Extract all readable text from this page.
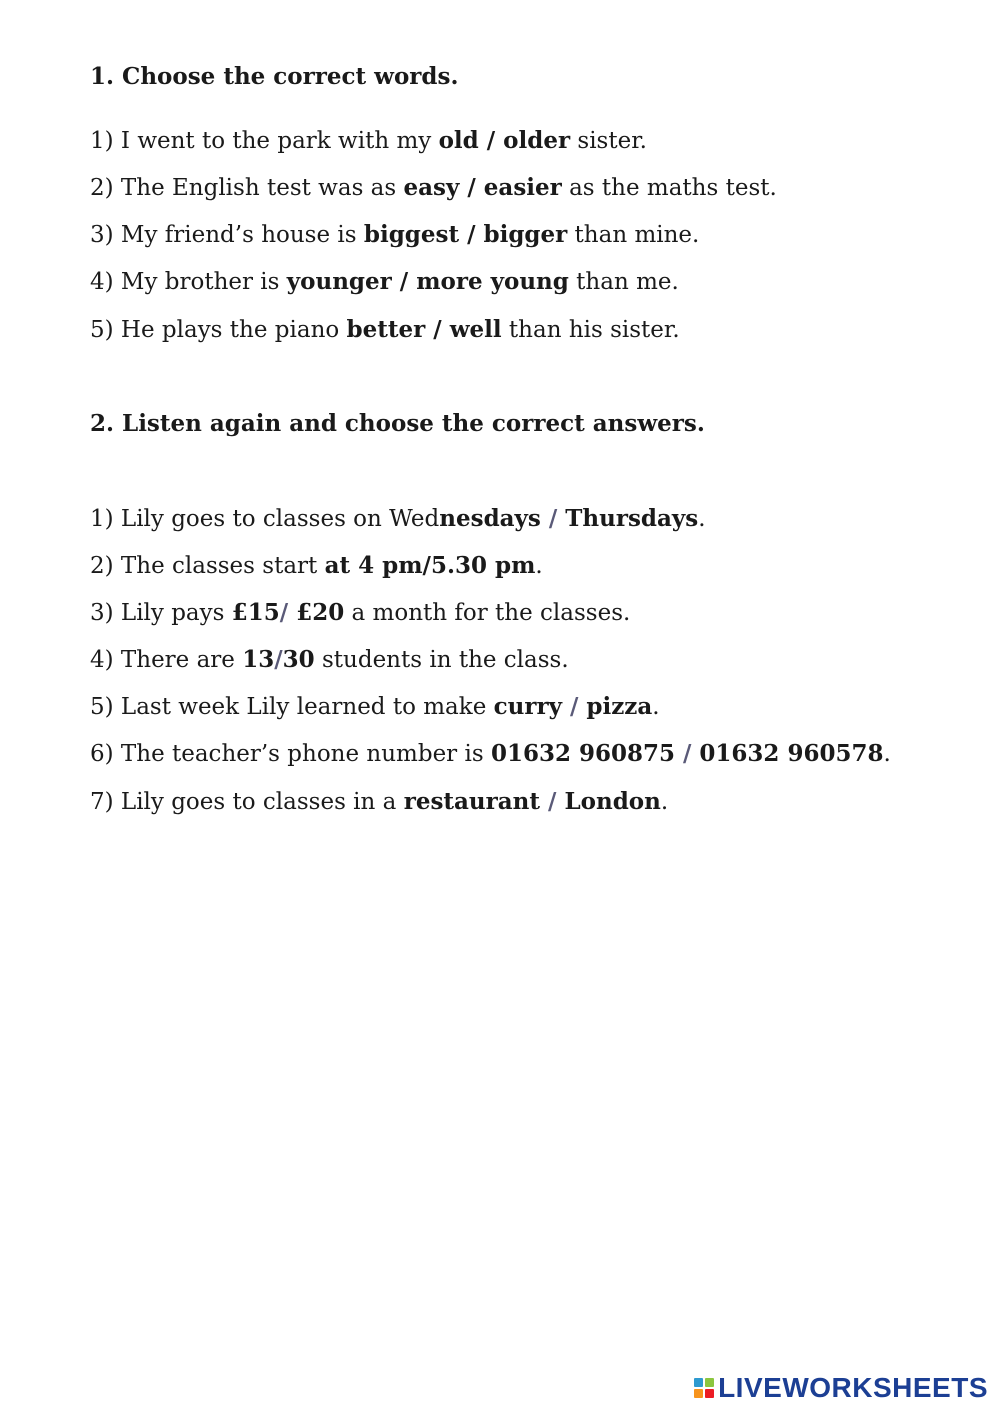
1. Choose the correct words.
1) I went to the park with my old / older sister.
2) The English test was as easy / easier as the maths test.
3) My friend’s house is biggest / bigger than mine.
4) My brother is younger / more young than me.
5) He plays the piano better / well than his sister.
2. Listen again and choose the correct answers.
1) Lily goes to classes on Wednesdays / Thursdays.
2) The classes start at 4 pm/5.30 pm.
3) Lily pays £15/ £20 a month for the classes.
4) There are 13/30 students in the class.
5) Last week Lily learned to make curry / pizza.
6) The teacher’s phone number is 01632 960875 / 01632 960578.
7) Lily goes to classes in a restaurant / London.
LIVEWORKSHEETS
